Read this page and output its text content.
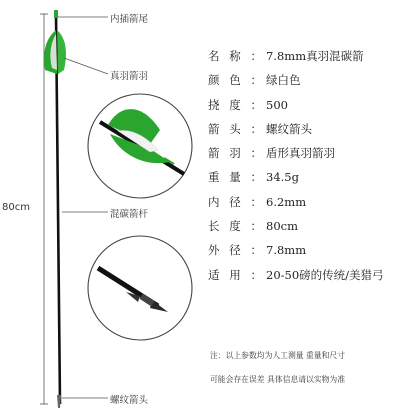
内插箭尾
真羽箭羽
混碳箭杆
螺纹箭头
80cm
名 称 ： 7.8mm真羽混碳箭
颜 色 ： 绿白色
挠 度 ： 500
箭 头 ： 螺纹箭头
箭 羽 ： 盾形真羽箭羽
重 量 ： 34.5g
内 径 ： 6.2mm
长 度 ： 80cm
外 径 ： 7.8mm
适 用 ： 20-50磅的传统/美猎弓
注：以上参数均为人工测量 重量和尺寸
可能会存在误差 具体信息请以实物为准
